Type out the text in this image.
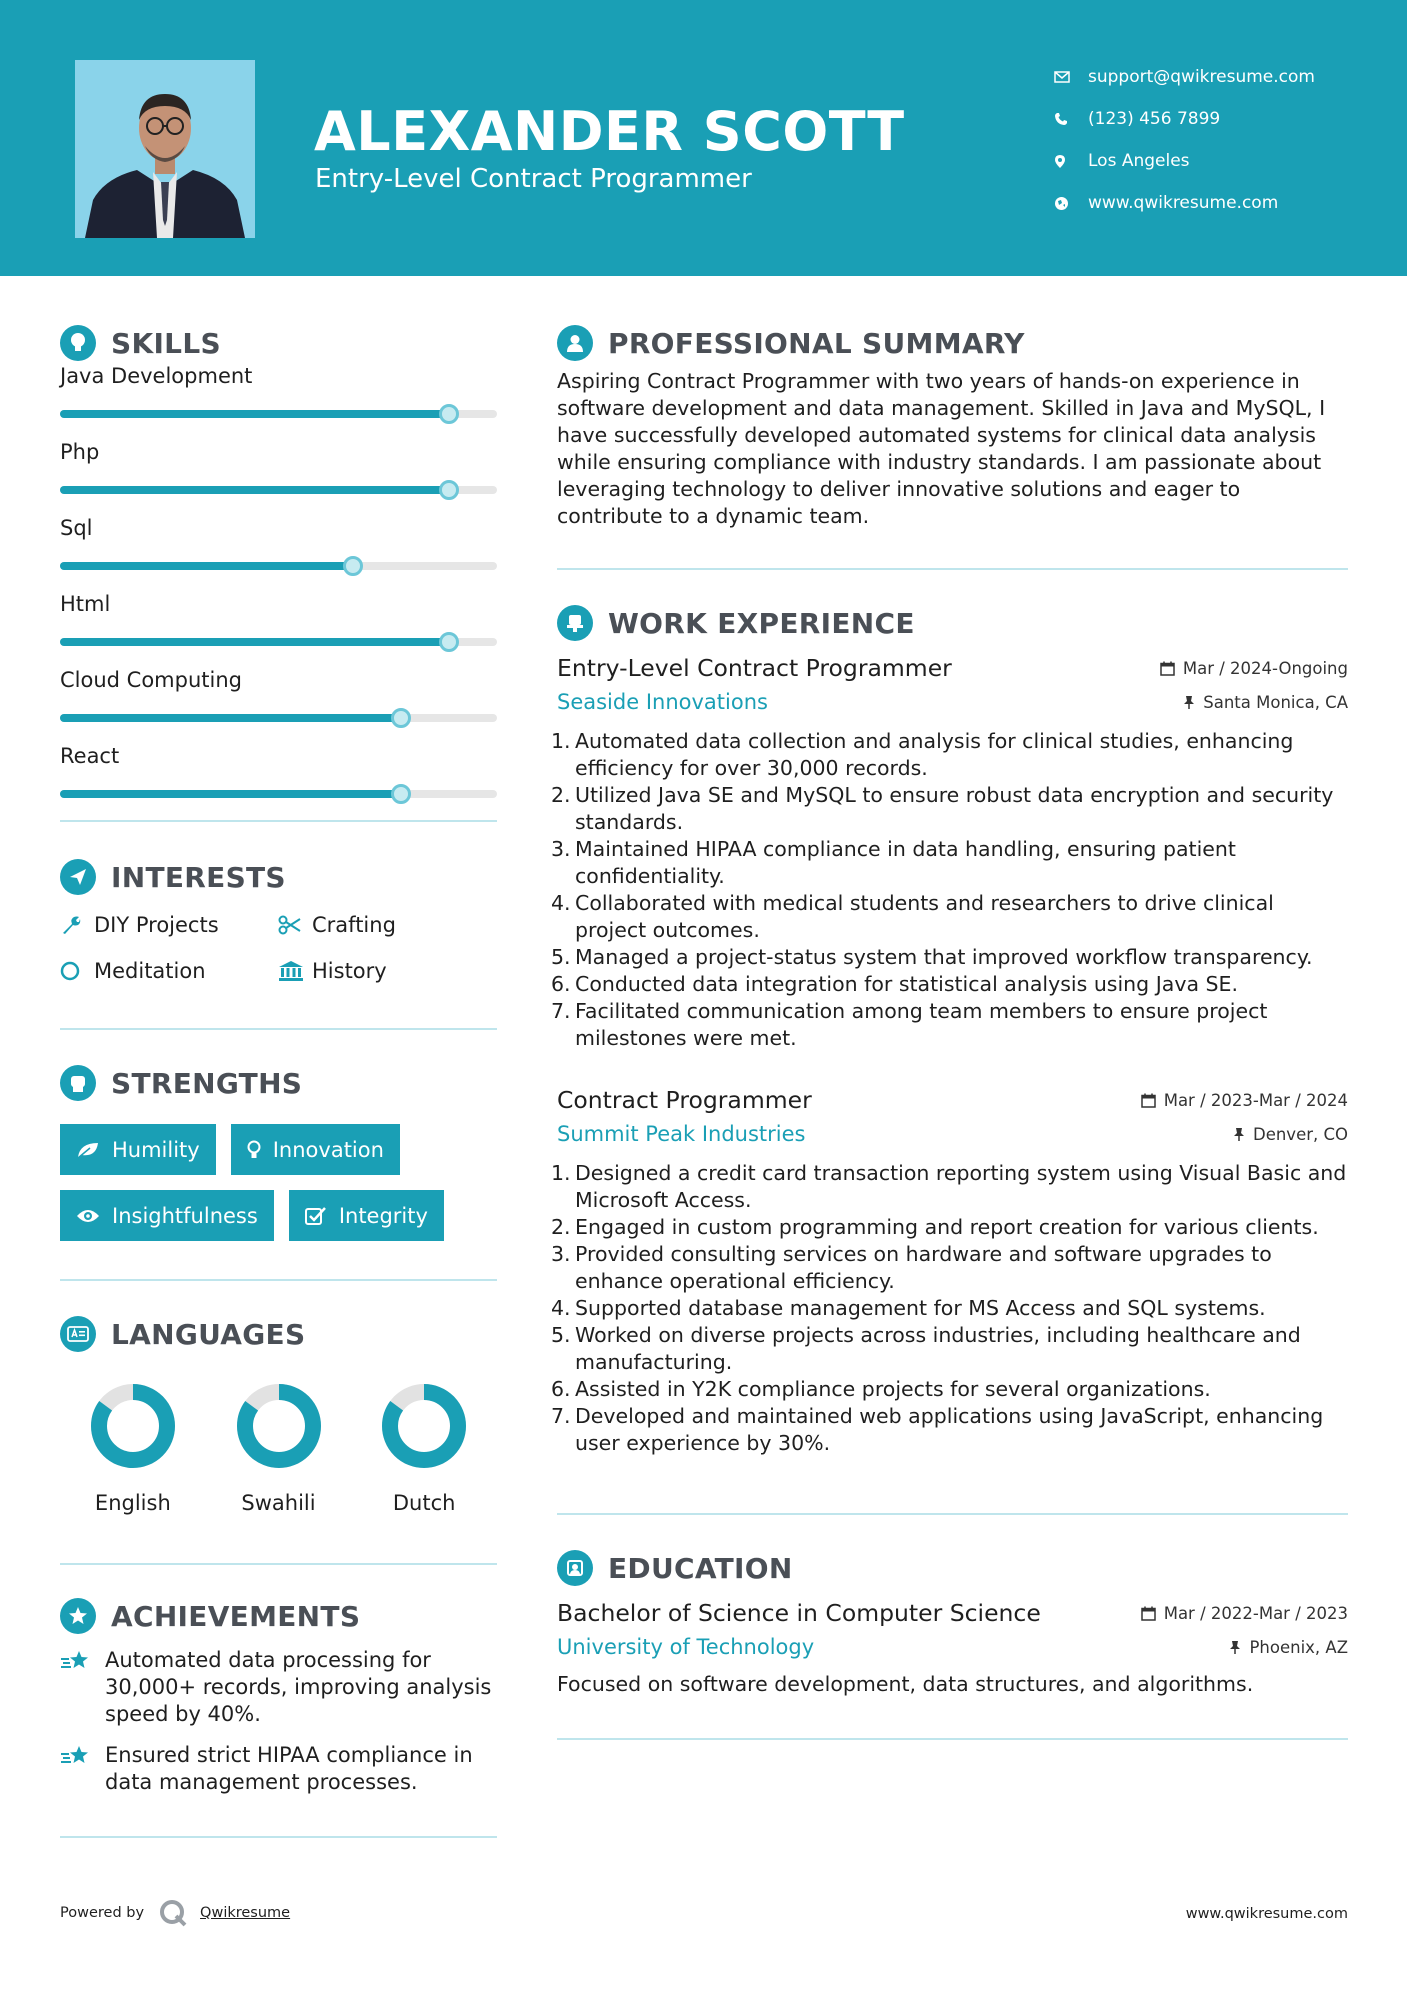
ALEXANDER SCOTT
Entry-Level Contract Programmer
support@qwikresume.com
(123) 456 7899
Los Angeles
www.qwikresume.com
SKILLS
Java Development
Php
Sql
Html
Cloud Computing
React
INTERESTS
DIY Projects	Crafting
Meditation	History
STRENGTHS
Humility	Innovation
Insightfulness	Integrity
LANGUAGES
English	Swahili	Dutch
ACHIEVEMENTS
Automated data processing for 30,000+ records, improving analysis speed by 40%.
Ensured strict HIPAA compliance in data management processes.
PROFESSIONAL SUMMARY

Aspiring Contract Programmer with two years of hands-on experience in software development and data management. Skilled in Java and MySQL, I have successfully developed automated systems for clinical data analysis while ensuring compliance with industry standards. I am passionate about leveraging technology to deliver innovative solutions and eager to contribute to a dynamic team.

WORK EXPERIENCE
Entry-Level Contract Programmer	Mar / 2024-Ongoing
Seaside Innovations	Santa Monica, CA
1. Automated data collection and analysis for clinical studies, enhancing efficiency for over 30,000 records.
2. Utilized Java SE and MySQL to ensure robust data encryption and security standards.
3. Maintained HIPAA compliance in data handling, ensuring patient confidentiality.
4. Collaborated with medical students and researchers to drive clinical project outcomes.
5. Managed a project-status system that improved workflow transparency.
6. Conducted data integration for statistical analysis using Java SE.
7. Facilitated communication among team members to ensure project milestones were met.
Contract Programmer	Mar / 2023-Mar / 2024
Summit Peak Industries	Denver, CO
1. Designed a credit card transaction reporting system using Visual Basic and Microsoft Access.
2. Engaged in custom programming and report creation for various clients.
3. Provided consulting services on hardware and software upgrades to enhance operational efficiency.
4. Supported database management for MS Access and SQL systems.
5. Worked on diverse projects across industries, including healthcare and manufacturing.
6. Assisted in Y2K compliance projects for several organizations.
7. Developed and maintained web applications using JavaScript, enhancing user experience by 30%.
EDUCATION
Bachelor of Science in Computer Science	Mar / 2022-Mar / 2023
University of Technology	Phoenix, AZ

Focused on software development, data structures, and algorithms.

Powered by	Qwikresume	www.qwikresume.com
